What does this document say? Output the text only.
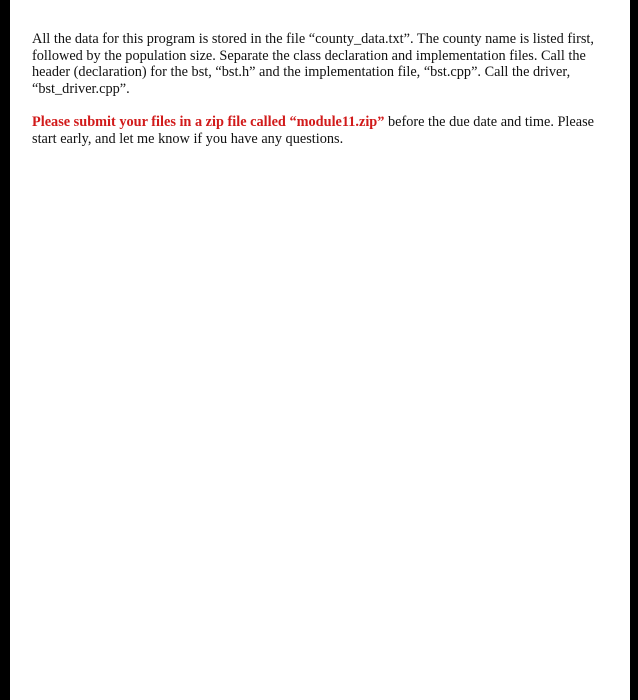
All the data for this program is stored in the file “county_data.txt”. The county name is listed first, followed by the population size. Separate the class declaration and implementation files. Call the header (declaration) for the bst, “bst.h” and the implementation file, “bst.cpp”. Call the driver, “bst_driver.cpp”.

Please submit your files in a zip file called “module11.zip” before the due date and time. Please start early, and let me know if you have any questions.
